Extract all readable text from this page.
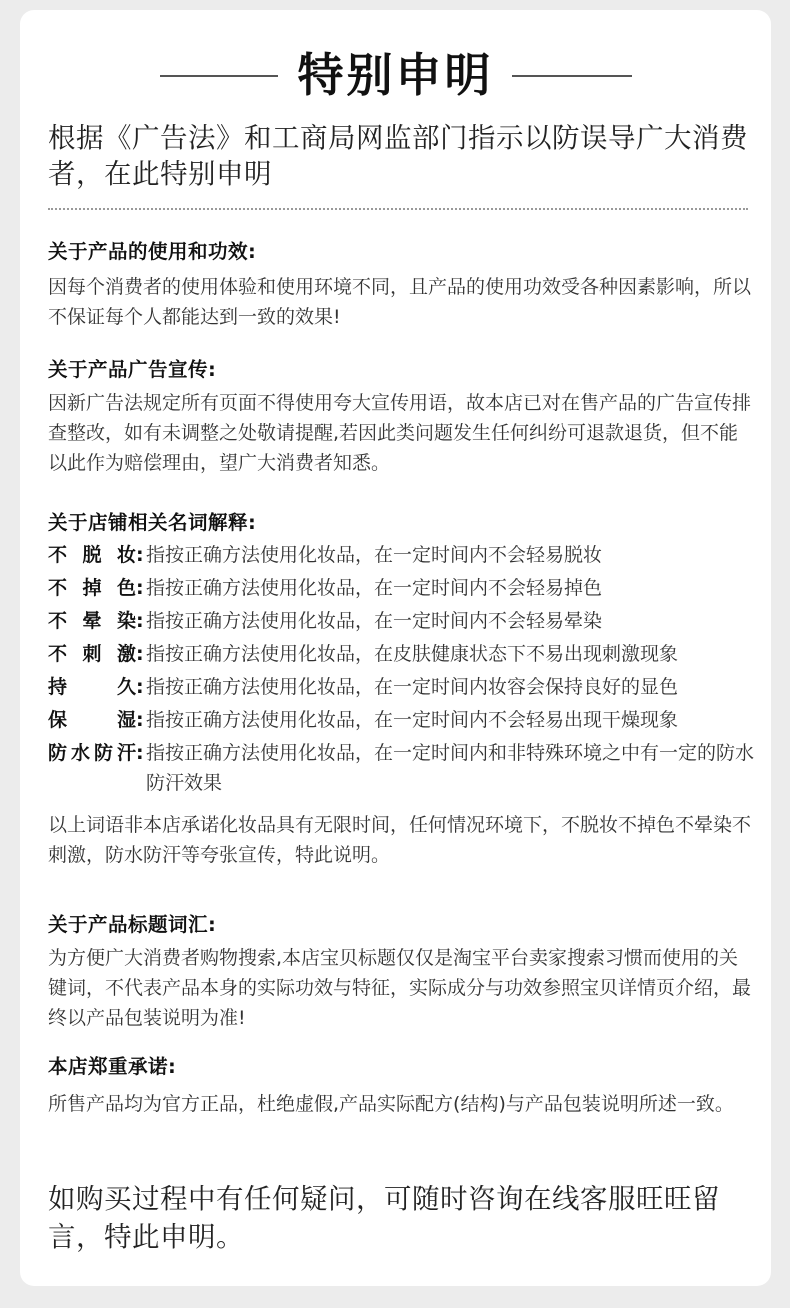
特别申明
根据《广告法》和工商局网监部门指示以防误导广大消费者，在此特别申明
关于产品的使用和功效:
因每个消费者的使用体验和使用环境不同，且产品的使用功效受各种因素影响，所以不保证每个人都能达到一致的效果!
关于产品广告宣传:
因新广告法规定所有页面不得使用夸大宣传用语，故本店已对在售产品的广告宣传排查整改，如有未调整之处敬请提醒,若因此类问题发生任何纠纷可退款退货，但不能以此作为赔偿理由，望广大消费者知悉。
关于店铺相关名词解释:
不 脱 妆 : 指按正确方法使用化妆品，在一定时间内不会轻易脱妆
不 掉 色 : 指按正确方法使用化妆品，在一定时间内不会轻易掉色
不 晕 染 : 指按正确方法使用化妆品，在一定时间内不会轻易晕染
不 刺 激 : 指按正确方法使用化妆品，在皮肤健康状态下不易出现刺激现象
持	久 : 指按正确方法使用化妆品，在一定时间内妆容会保持良好的显色
保	湿 : 指按正确方法使用化妆品，在一定时间内不会轻易出现干燥现象
防 水 防 汗 : 指按正确方法使用化妆品，在一定时间内和非特殊环境之中有一定的防水防汗效果
以上词语非本店承诺化妆品具有无限时间，任何情况环境下，不脱妆不掉色不晕染不刺激，防水防汗等夸张宣传，特此说明。
关于产品标题词汇:
为方便广大消费者购物搜索,本店宝贝标题仅仅是淘宝平台卖家搜索习惯而使用的关键词，不代表产品本身的实际功效与特征，实际成分与功效参照宝贝详情页介绍，最终以产品包装说明为准!
本店郑重承诺:
所售产品均为官方正品，杜绝虚假,产品实际配方(结构)与产品包装说明所述一致。
如购买过程中有任何疑问，可随时咨询在线客服旺旺留言，特此申明。
